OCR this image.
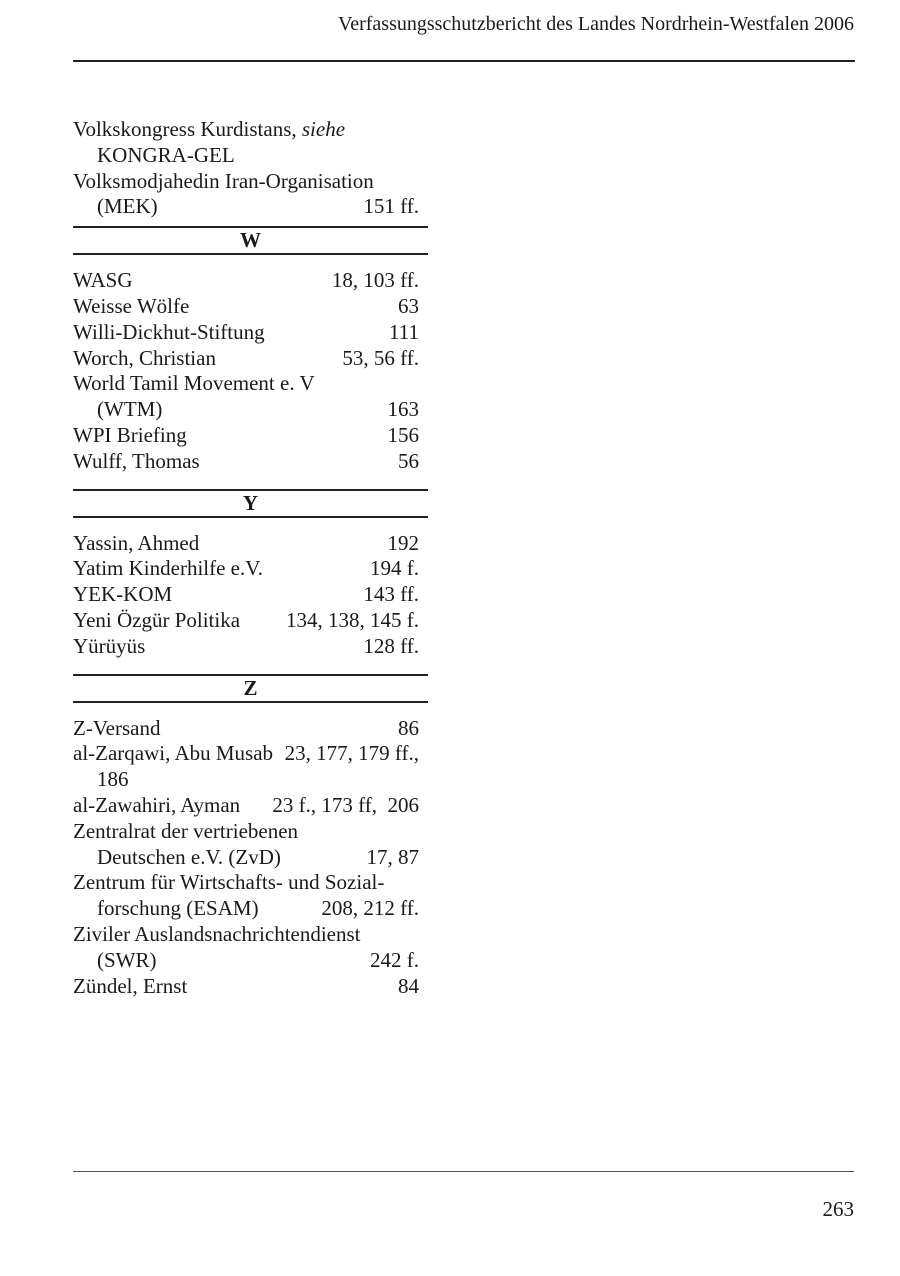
Verfassungsschutzbericht des Landes Nordrhein-Westfalen 2006
Volkskongress Kurdistans, siehe
KONGRA-GEL
Volksmodjahedin Iran-Organisation
(MEK)	151 ff.
W
WASG	18, 103 ff.
Weisse Wölfe	63
Willi-Dickhut-Stiftung	111
Worch, Christian	53, 56 ff.
World Tamil Movement e. V
(WTM)	163
WPI Briefing	156
Wulff, Thomas	56
Y
Yassin, Ahmed	192
Yatim Kinderhilfe e.V.	194 f.
YEK-KOM	143 ff.
Yeni Özgür Politika 134, 138, 145 f.
Yürüyüs	128 ff.
Z
Z-Versand	86
al-Zarqawi, Abu Musab 23, 177, 179 ff.,
186
al-Zawahiri, Ayman 23 f., 173 ff,  206
Zentralrat der vertriebenen
Deutschen e.V. (ZvD)	17, 87
Zentrum für Wirtschafts- und Sozial-
forschung (ESAM)	208, 212 ff.
Ziviler Auslandsnachrichtendienst
(SWR)	242 f.
Zündel, Ernst	84
263
